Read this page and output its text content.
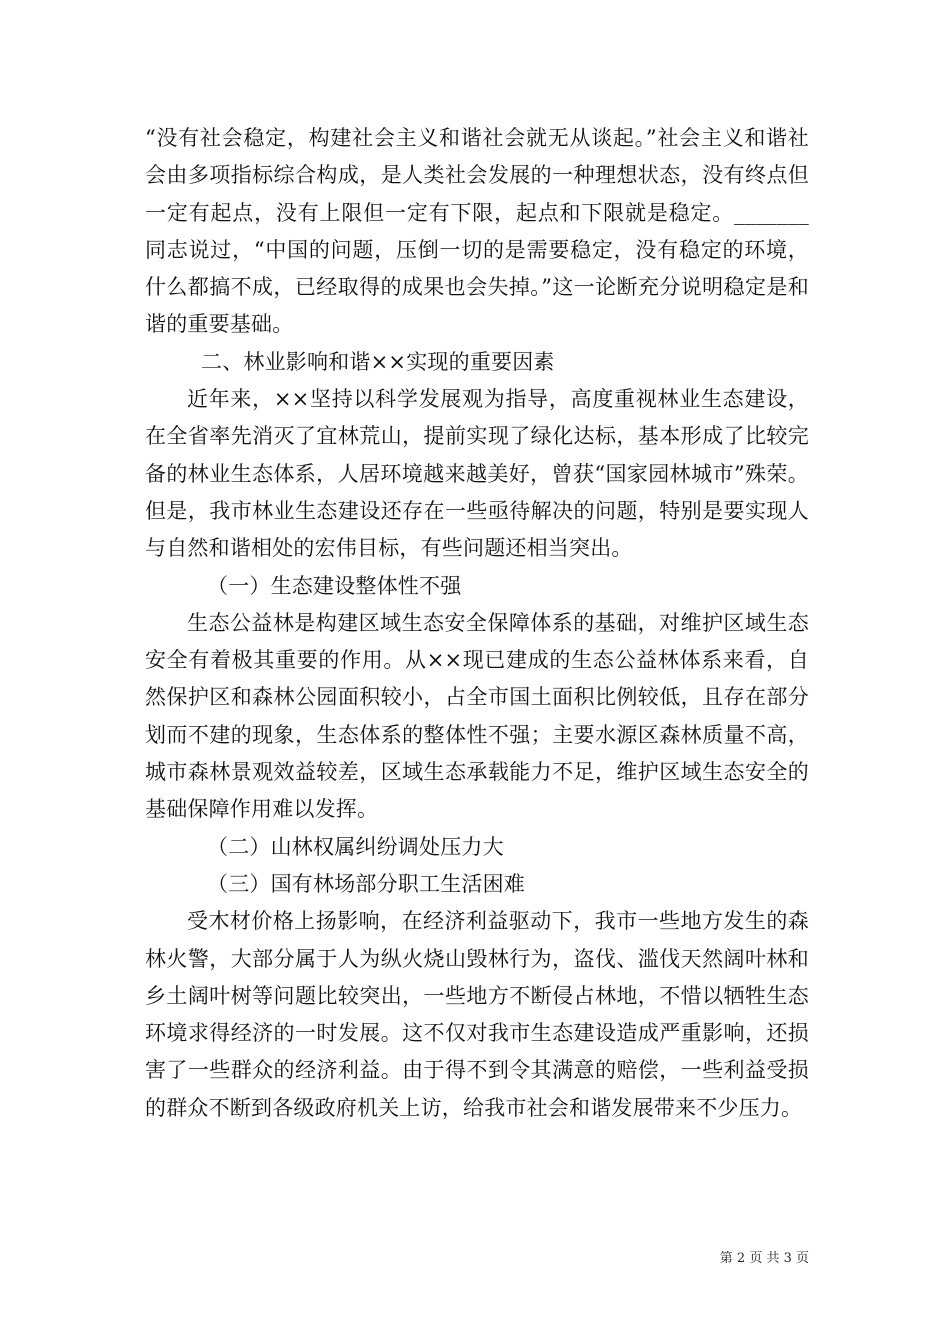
“没有社会稳定，构建社会主义和谐社会就无从谈起。”社会主义和谐社会由多项指标综合构成，是人类社会发展的一种理想状态，没有终点但一定有起点，没有上限但一定有下限，起点和下限就是稳定。_______同志说过，“中国的问题，压倒一切的是需要稳定，没有稳定的环境，什么都搞不成，已经取得的成果也会失掉。”这一论断充分说明稳定是和谐的重要基础。

二、林业影响和谐××实现的重要因素

近年来，××坚持以科学发展观为指导，高度重视林业生态建设，在全省率先消灭了宜林荒山，提前实现了绿化达标，基本形成了比较完备的林业生态体系，人居环境越来越美好，曾获“国家园林城市”殊荣。但是，我市林业生态建设还存在一些亟待解决的问题，特别是要实现人与自然和谐相处的宏伟目标，有些问题还相当突出。

（一）生态建设整体性不强

生态公益林是构建区域生态安全保障体系的基础，对维护区域生态安全有着极其重要的作用。从××现已建成的生态公益林体系来看，自然保护区和森林公园面积较小，占全市国土面积比例较低，且存在部分划而不建的现象，生态体系的整体性不强；主要水源区森林质量不高，城市森林景观效益较差，区域生态承载能力不足，维护区域生态安全的基础保障作用难以发挥。

（二）山林权属纠纷调处压力大

（三）国有林场部分职工生活困难

受木材价格上扬影响，在经济利益驱动下，我市一些地方发生的森林火警，大部分属于人为纵火烧山毁林行为，盗伐、滥伐天然阔叶林和乡土阔叶树等问题比较突出，一些地方不断侵占林地，不惜以牺牲生态环境求得经济的一时发展。这不仅对我市生态建设造成严重影响，还损害了一些群众的经济利益。由于得不到令其满意的赔偿，一些利益受损的群众不断到各级政府机关上访，给我市社会和谐发展带来不少压力。

第 2 页 共 3 页
